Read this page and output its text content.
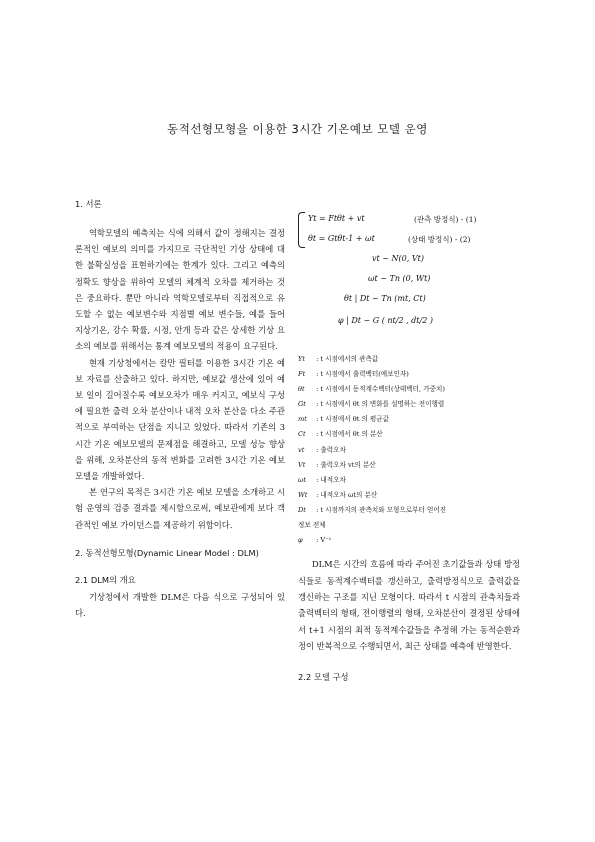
동적선형모형을 이용한 3시간 기온예보 모델 운영

1. 서론

역학모델의 예측치는 식에 의해서 값이 정해지는 결정론적인 예보의 의미를 가지므로 극단적인 기상 상태에 대한 불확실성을 표현하기에는 한계가 있다. 그리고 예측의 정확도 향상을 위하여 모델의 체계적 오차를 제거하는 것은 중요하다. 뿐만 아니라 역학모델로부터 직접적으로 유도할 수 없는 예보변수와 지점별 예보 변수들, 예를 들어 지상기온, 강수 확률, 시정, 안개 등과 같은 상세한 기상 요소의 예보를 위해서는 통계 예보모델의 적용이 요구된다.

현재 기상청에서는 칼만 필터를 이용한 3시간 기온 예보 자료를 산출하고 있다. 하지만, 예보값 생산에 있어 예보 일이 길어질수록 예보오차가 매우 커지고, 예보식 구성에 필요한 출력 오차 분산이나 내적 오차 분산을 다소 주관적으로 부여하는 단점을 지니고 있었다. 따라서 기존의 3시간 기온 예보모델의 문제점을 해결하고, 모델 성능 향상을 위해, 오차분산의 동적 변화를 고려한 3시간 기온 예보 모델을 개발하였다.

본 연구의 목적은 3시간 기온 예보 모델을 소개하고 시험 운영의 검증 결과를 제시함으로써, 예보관에게 보다 객관적인 예보 가이던스를 제공하기 위함이다.

2. 동적선형모형(Dynamic Linear Model : DLM)

2.1 DLM의 개요

기상청에서 개발한 DLM은 다음 식으로 구성되어 있다.

Yt = Ftθt + vt	(관측 방정식) - (1)
θt = Gtθt-1 + ωt	(상태 방정식) - (2)
vt ~ N(0, Vt)
ωt ~ Tn (0, Wt)
θt | Dt ~ Tn (mt, Ct)
φ | Dt ~ G ( nt/2 , dt/2 )
Yt : t 시점에서의 관측값
Ft : t 시점에서 출력벡터(예보인자)
θt : t 시점에서 동적계수벡터(상태벡터, 가중치)
Gt : t 시점에서 θt 의 변화를 설명하는 전이행렬
mt : t 시점에서 θt 의 평균값
Ct : t 시점에서 θt 의 분산
vt : 출력오차
Vt : 출력오차 vt의 분산
ωt : 내적오차
Wt : 내적오차 ωt의 분산
Dt : t 시점까지의 관측치와 모형으로부터 얻어진
정보 전체
φ : V⁻¹

DLM은 시간의 흐름에 따라 주어진 초기값들과 상태 방정식들로 동적계수벡터를 갱신하고, 출력방정식으로 출력값을 갱신하는 구조를 지닌 모형이다. 따라서 t 시점의 관측치들과 출력벡터의 형태, 전이행렬의 형태, 오차분산이 결정된 상태에서 t+1 시점의 최적 동적계수값들을 추정해 가는 동적순환과정이 반복적으로 수행되면서, 최근 상태를 예측에 반영한다.

2.2 모델 구성
